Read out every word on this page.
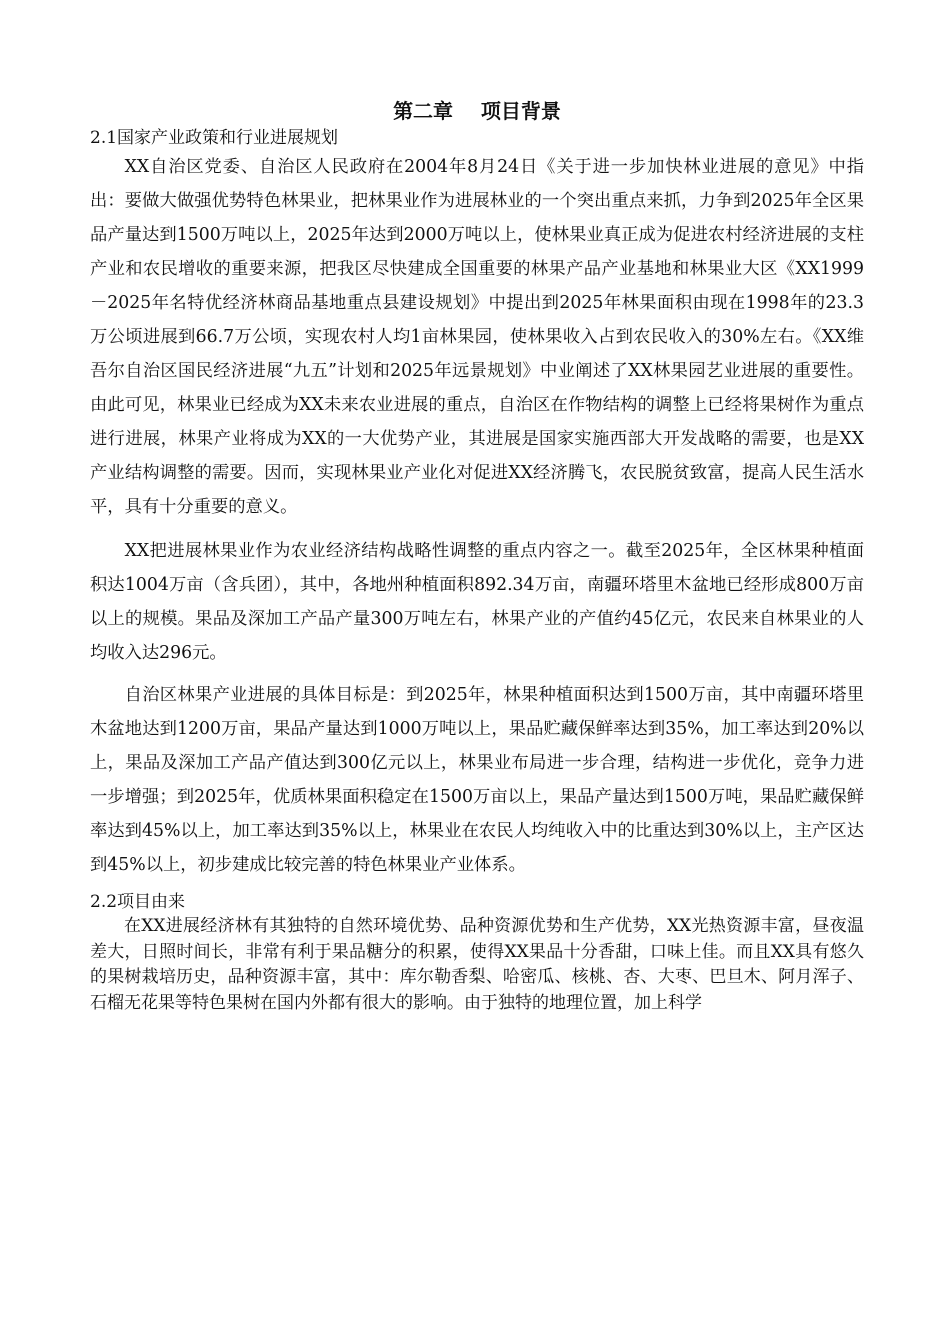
第二章    项目背景

2.1国家产业政策和行业进展规划

XX自治区党委、自治区人民政府在2004年8月24日《关于进一步加快林业进展的意见》中指出：要做大做强优势特色林果业，把林果业作为进展林业的一个突出重点来抓，力争到2025年全区果品产量达到1500万吨以上，2025年达到2000万吨以上，使林果业真正成为促进农村经济进展的支柱产业和农民增收的重要来源，把我区尽快建成全国重要的林果产品产业基地和林果业大区《XX1999－2025年名特优经济林商品基地重点县建设规划》中提出到2025年林果面积由现在1998年的23.3万公顷进展到66.7万公顷，实现农村人均1亩林果园，使林果收入占到农民收入的30%左右。《XX维吾尔自治区国民经济进展“九五”计划和2025年远景规划》中业阐述了XX林果园艺业进展的重要性。由此可见，林果业已经成为XX未来农业进展的重点，自治区在作物结构的调整上已经将果树作为重点进行进展，林果产业将成为XX的一大优势产业，其进展是国家实施西部大开发战略的需要，也是XX产业结构调整的需要。因而，实现林果业产业化对促进XX经济腾飞，农民脱贫致富，提高人民生活水平，具有十分重要的意义。

XX把进展林果业作为农业经济结构战略性调整的重点内容之一。截至2025年，全区林果种植面积达1004万亩（含兵团），其中，各地州种植面积892.34万亩，南疆环塔里木盆地已经形成800万亩以上的规模。果品及深加工产品产量300万吨左右，林果产业的产值约45亿元，农民来自林果业的人均收入达296元。

自治区林果产业进展的具体目标是：到2025年，林果种植面积达到1500万亩，其中南疆环塔里木盆地达到1200万亩，果品产量达到1000万吨以上，果品贮藏保鲜率达到35%，加工率达到20%以上，果品及深加工产品产值达到300亿元以上，林果业布局进一步合理，结构进一步优化，竞争力进一步增强；到2025年，优质林果面积稳定在1500万亩以上，果品产量达到1500万吨，果品贮藏保鲜率达到45%以上，加工率达到35%以上，林果业在农民人均纯收入中的比重达到30%以上，主产区达到45%以上，初步建成比较完善的特色林果业产业体系。

2.2项目由来

在XX进展经济林有其独特的自然环境优势、品种资源优势和生产优势，XX光热资源丰富，昼夜温差大，日照时间长，非常有利于果品糖分的积累，使得XX果品十分香甜，口味上佳。而且XX具有悠久的果树栽培历史，品种资源丰富，其中：库尔勒香梨、哈密瓜、核桃、杏、大枣、巴旦木、阿月浑子、石榴无花果等特色果树在国内外都有很大的影响。由于独特的地理位置，加上科学
